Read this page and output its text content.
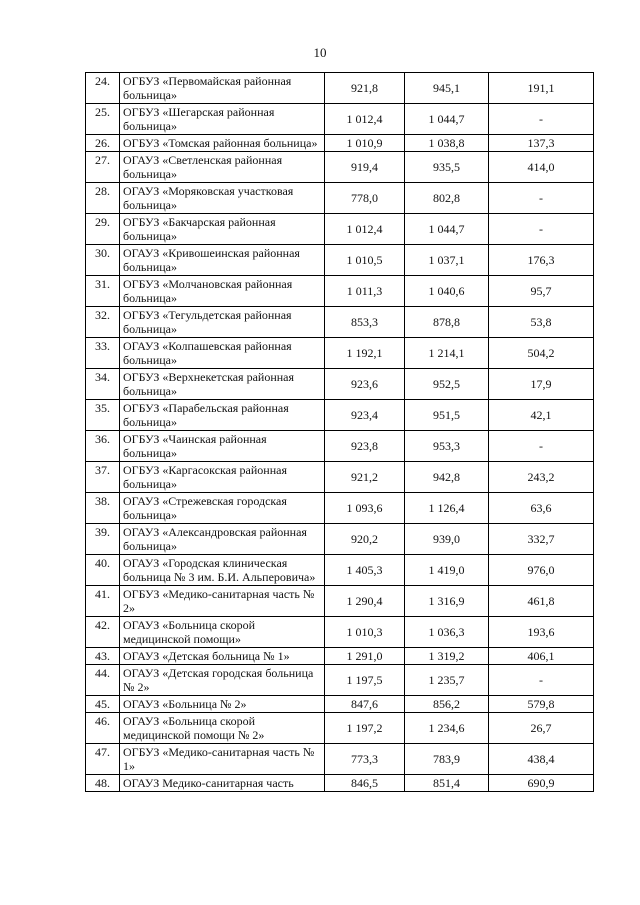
10
24.	ОГБУЗ «Первомайская районная больница»	921,8	945,1	191,1
25.	ОГБУЗ «Шегарская районная больница»	1 012,4	1 044,7	-
26.	ОГБУЗ «Томская районная больница»	1 010,9	1 038,8	137,3
27.	ОГАУЗ «Светленская районная больница»	919,4	935,5	414,0
28.	ОГАУЗ «Моряковская участковая больница»	778,0	802,8	-
29.	ОГБУЗ «Бакчарская районная больница»	1 012,4	1 044,7	-
30.	ОГАУЗ «Кривошеинская районная больница»	1 010,5	1 037,1	176,3
31.	ОГБУЗ «Молчановская районная больница»	1 011,3	1 040,6	95,7
32.	ОГБУЗ «Тегульдетская районная больница»	853,3	878,8	53,8
33.	ОГАУЗ «Колпашевская районная больница»	1 192,1	1 214,1	504,2
34.	ОГБУЗ «Верхнекетская районная больница»	923,6	952,5	17,9
35.	ОГБУЗ «Парабельская районная больница»	923,4	951,5	42,1
36.	ОГБУЗ «Чаинская районная больница»	923,8	953,3	-
37.	ОГБУЗ «Каргасокская районная больница»	921,2	942,8	243,2
38.	ОГАУЗ «Стрежевская городская больница»	1 093,6	1 126,4	63,6
39.	ОГАУЗ «Александровская районная больница»	920,2	939,0	332,7
40.	ОГАУЗ «Городская клиническая больница № 3 им. Б.И. Альперовича»	1 405,3	1 419,0	976,0
41.	ОГБУЗ «Медико-санитарная часть № 2»	1 290,4	1 316,9	461,8
42.	ОГАУЗ «Больница скорой медицинской помощи»	1 010,3	1 036,3	193,6
43.	ОГАУЗ «Детская больница № 1»	1 291,0	1 319,2	406,1
44.	ОГАУЗ «Детская городская больница № 2»	1 197,5	1 235,7	-
45.	ОГАУЗ «Больница № 2»	847,6	856,2	579,8
46.	ОГАУЗ «Больница скорой медицинской помощи № 2»	1 197,2	1 234,6	26,7
47.	ОГБУЗ «Медико-санитарная часть № 1»	773,3	783,9	438,4
48.	ОГАУЗ Медико-санитарная часть	846,5	851,4	690,9
